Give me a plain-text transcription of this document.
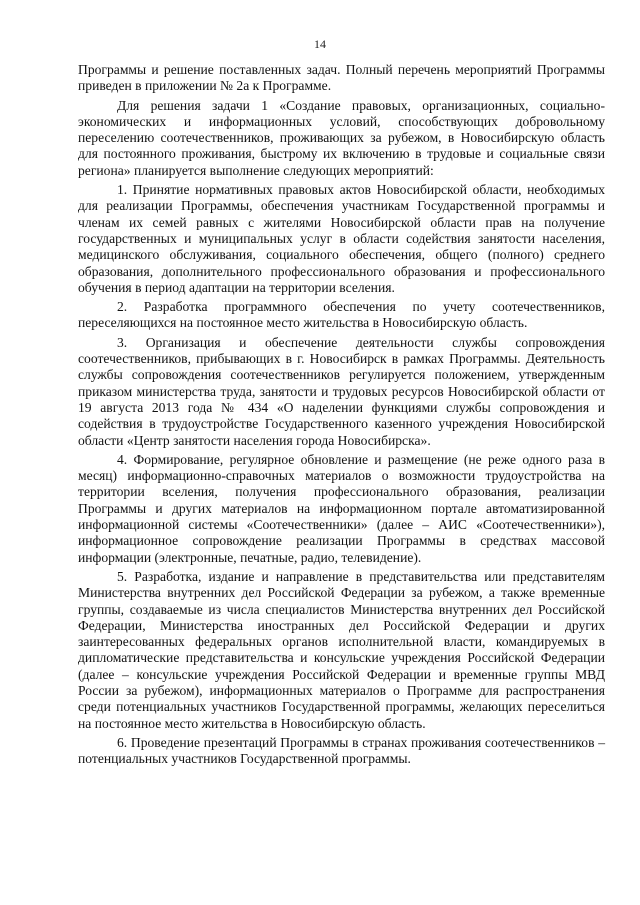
14

Программы и решение поставленных задач. Полный перечень мероприятий Программы приведен в приложении № 2а к Программе.

Для решения задачи 1 «Создание правовых, организационных, социально-экономических и информационных условий, способствующих добровольному переселению соотечественников, проживающих за рубежом, в Новосибирскую область для постоянного проживания, быстрому их включению в трудовые и социальные связи региона» планируется выполнение следующих мероприятий:

1. Принятие нормативных правовых актов Новосибирской области, необходимых для реализации Программы, обеспечения участникам Государственной программы и членам их семей равных с жителями Новосибирской области прав на получение государственных и муниципальных услуг в области содействия занятости населения, медицинского обслуживания, социального обеспечения, общего (полного) среднего образования, дополнительного профессионального образования и профессионального обучения в период адаптации на территории вселения.

2. Разработка программного обеспечения по учету соотечественников, переселяющихся на постоянное место жительства в Новосибирскую область.

3. Организация и обеспечение деятельности службы сопровождения соотечественников, прибывающих в г. Новосибирск в рамках Программы. Деятельность службы сопровождения соотечественников регулируется положением, утвержденным приказом министерства труда, занятости и трудовых ресурсов Новосибирской области от 19 августа 2013 года № 434 «О наделении функциями службы сопровождения и содействия в трудоустройстве Государственного казенного учреждения Новосибирской области «Центр занятости населения города Новосибирска».

4. Формирование, регулярное обновление и размещение (не реже одного раза в месяц) информационно-справочных материалов о возможности трудоустройства на территории вселения, получения профессионального образования, реализации Программы и других материалов на информационном портале автоматизированной информационной системы «Соотечественники» (далее – АИС «Соотечественники»), информационное сопровождение реализации Программы в средствах массовой информации (электронные, печатные, радио, телевидение).

5. Разработка, издание и направление в представительства или представителям Министерства внутренних дел Российской Федерации за рубежом, а также временные группы, создаваемые из числа специалистов Министерства внутренних дел Российской Федерации, Министерства иностранных дел Российской Федерации и других заинтересованных федеральных органов исполнительной власти, командируемых в дипломатические представительства и консульские учреждения Российской Федерации (далее – консульские учреждения Российской Федерации и временные группы МВД России за рубежом), информационных материалов о Программе для распространения среди потенциальных участников Государственной программы, желающих переселиться на постоянное место жительства в Новосибирскую область.

6. Проведение презентаций Программы в странах проживания соотечественников – потенциальных участников Государственной программы.
